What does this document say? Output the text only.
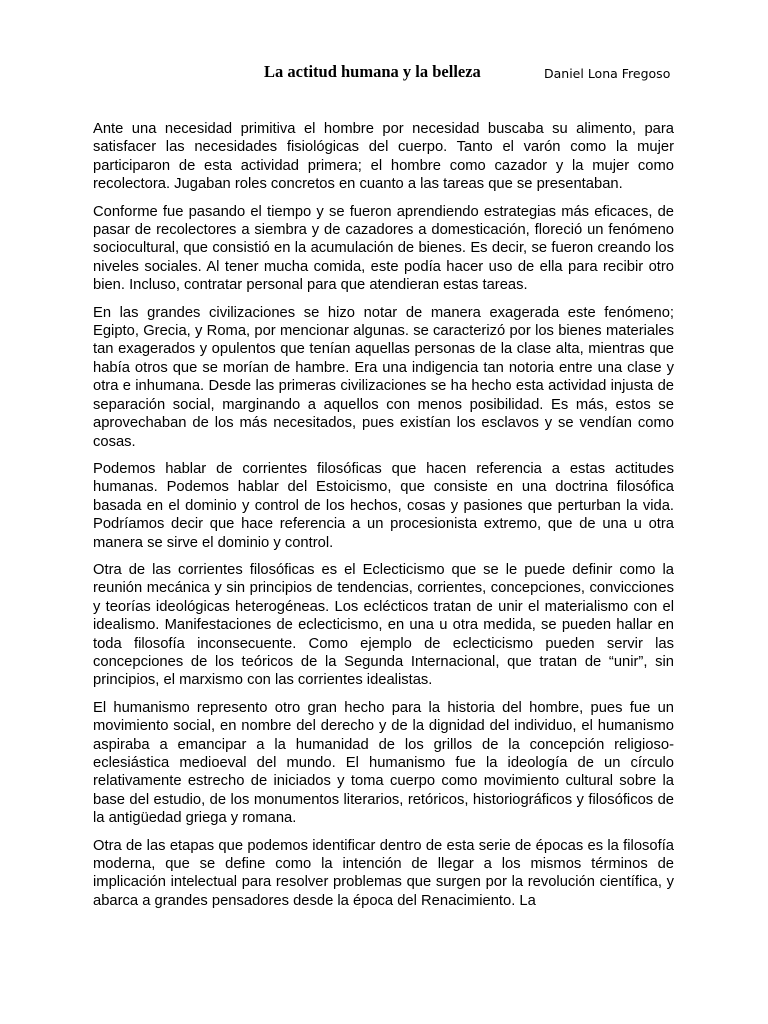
La actitud humana y la belleza	Daniel Lona Fregoso

Ante una necesidad primitiva el hombre por necesidad buscaba su alimento, para satisfacer las necesidades fisiológicas del cuerpo. Tanto el varón como la mujer participaron de esta actividad primera; el hombre como cazador y la mujer como recolectora. Jugaban roles concretos en cuanto a las tareas que se presentaban.

Conforme fue pasando el tiempo y se fueron aprendiendo estrategias más eficaces, de pasar de recolectores a siembra y de cazadores a domesticación, floreció un fenómeno sociocultural, que consistió en la acumulación de bienes. Es decir, se fueron creando los niveles sociales. Al tener mucha comida, este podía hacer uso de ella para recibir otro bien. Incluso, contratar personal para que atendieran estas tareas.

En las grandes civilizaciones se hizo notar de manera exagerada este fenómeno; Egipto, Grecia, y Roma, por mencionar algunas. se caracterizó por los bienes materiales tan exagerados y opulentos que tenían aquellas personas de la clase alta, mientras que había otros que se morían de hambre. Era una indigencia tan notoria entre una clase y otra e inhumana. Desde las primeras civilizaciones se ha hecho esta actividad injusta de separación social, marginando a aquellos con menos posibilidad. Es más, estos se aprovechaban de los más necesitados, pues existían los esclavos y se vendían como cosas.

Podemos hablar de corrientes filosóficas que hacen referencia a estas actitudes humanas. Podemos hablar del Estoicismo, que consiste en una doctrina filosófica basada en el dominio y control de los hechos, cosas y pasiones que perturban la vida. Podríamos decir que hace referencia a un procesionista extremo, que de una u otra manera se sirve el dominio y control.

Otra de las corrientes filosóficas es el Eclecticismo que se le puede definir como la reunión mecánica y sin principios de tendencias, corrientes, concepciones, convicciones y teorías ideológicas heterogéneas. Los eclécticos tratan de unir el materialismo con el idealismo. Manifestaciones de eclecticismo, en una u otra medida, se pueden hallar en toda filosofía inconsecuente. Como ejemplo de eclecticismo pueden servir las concepciones de los teóricos de la Segunda Internacional, que tratan de “unir”, sin principios, el marxismo con las corrientes idealistas.

El humanismo represento otro gran hecho para la historia del hombre, pues fue un movimiento social, en nombre del derecho y de la dignidad del individuo, el humanismo aspiraba a emancipar a la humanidad de los grillos de la concepción religioso-eclesiástica medioeval del mundo. El humanismo fue la ideología de un círculo relativamente estrecho de iniciados y toma cuerpo como movimiento cultural sobre la base del estudio, de los monumentos literarios, retóricos, historiográficos y filosóficos de la antigüedad griega y romana.

Otra de las etapas que podemos identificar dentro de esta serie de épocas es la filosofía moderna, que se define como la intención de llegar a los mismos términos de implicación intelectual para resolver problemas que surgen por la revolución científica, y abarca a grandes pensadores desde la época del Renacimiento. La
